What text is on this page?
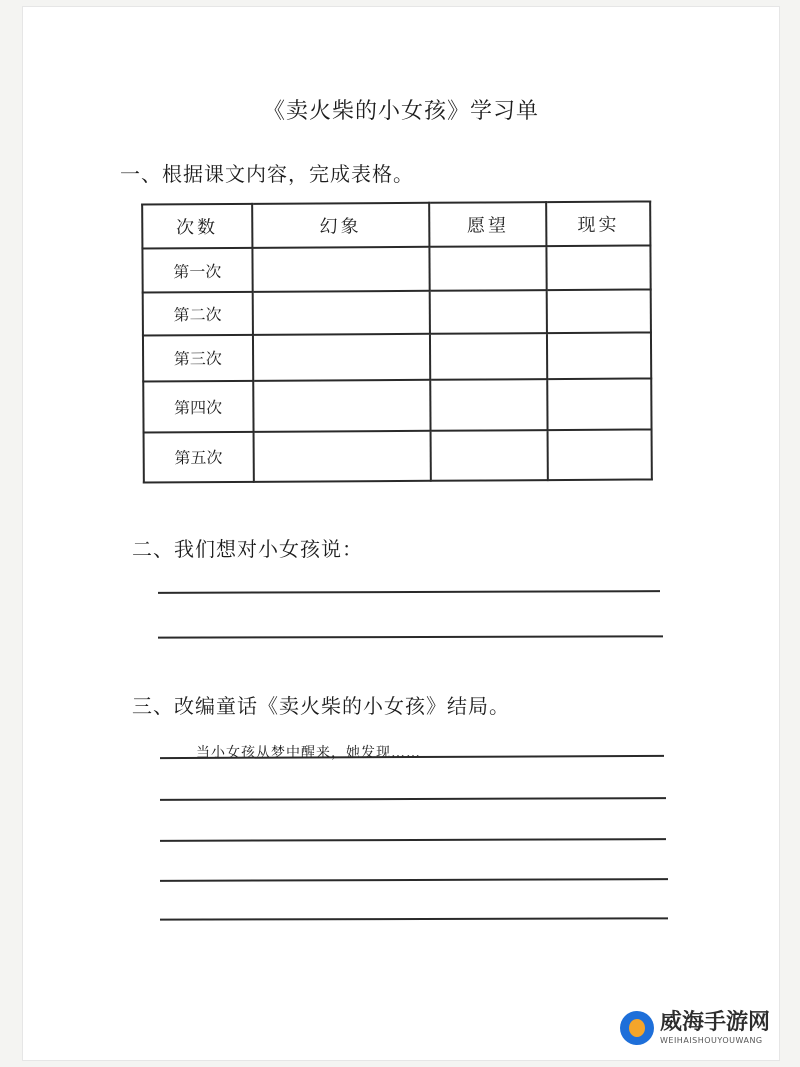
《卖火柴的小女孩》学习单
一、根据课文内容，完成表格。
次数	幻象	愿望	现实
第一次			
第二次			
第三次			
第四次			
第五次			
二、我们想对小女孩说：
三、改编童话《卖火柴的小女孩》结局。
当小女孩从梦中醒来，她发现……
威海手游网
WEIHAISHOUYOUWANG
